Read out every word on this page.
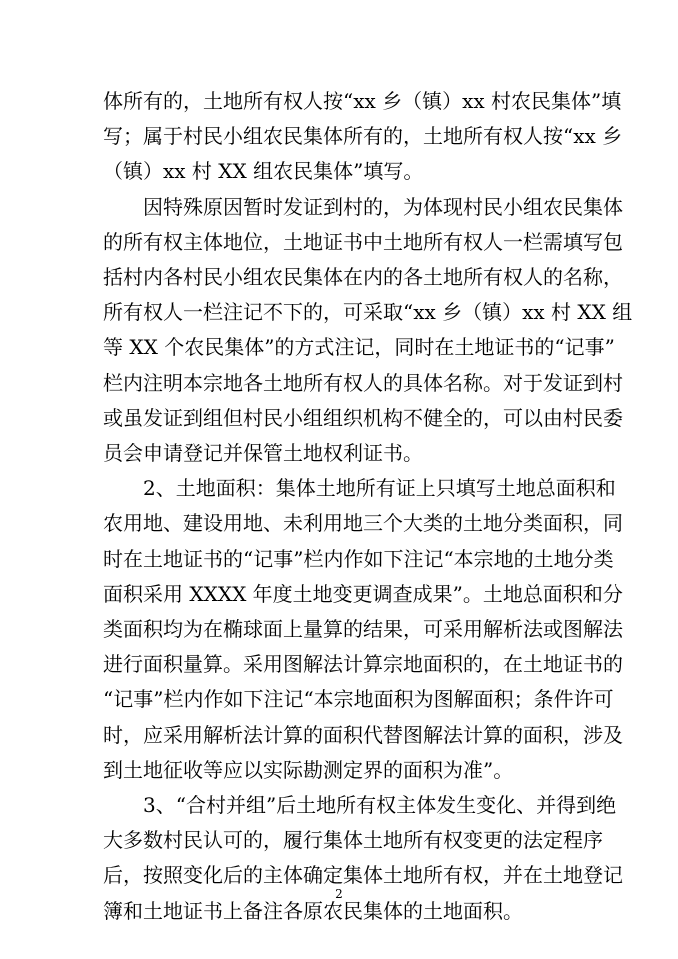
体所有的，土地所有权人按“xx 乡（镇）xx 村农民集体”填
写；属于村民小组农民集体所有的，土地所有权人按“xx 乡
（镇）xx 村 XX 组农民集体”填写。
因特殊原因暂时发证到村的，为体现村民小组农民集体
的所有权主体地位，土地证书中土地所有权人一栏需填写包
括村内各村民小组农民集体在内的各土地所有权人的名称，
所有权人一栏注记不下的，可采取“xx 乡（镇）xx 村 XX 组
等 XX 个农民集体”的方式注记，同时在土地证书的“记事”
栏内注明本宗地各土地所有权人的具体名称。对于发证到村
或虽发证到组但村民小组组织机构不健全的，可以由村民委
员会申请登记并保管土地权利证书。
2、土地面积：集体土地所有证上只填写土地总面积和
农用地、建设用地、未利用地三个大类的土地分类面积，同
时在土地证书的“记事”栏内作如下注记“本宗地的土地分类
面积采用 XXXX 年度土地变更调查成果”。土地总面积和分
类面积均为在椭球面上量算的结果，可采用解析法或图解法
进行面积量算。采用图解法计算宗地面积的，在土地证书的
“记事”栏内作如下注记“本宗地面积为图解面积；条件许可
时，应采用解析法计算的面积代替图解法计算的面积，涉及
到土地征收等应以实际勘测定界的面积为准”。
3、“合村并组”后土地所有权主体发生变化、并得到绝
大多数村民认可的，履行集体土地所有权变更的法定程序
后，按照变化后的主体确定集体土地所有权，并在土地登记
簿和土地证书上备注各原农民集体的土地面积。
2
